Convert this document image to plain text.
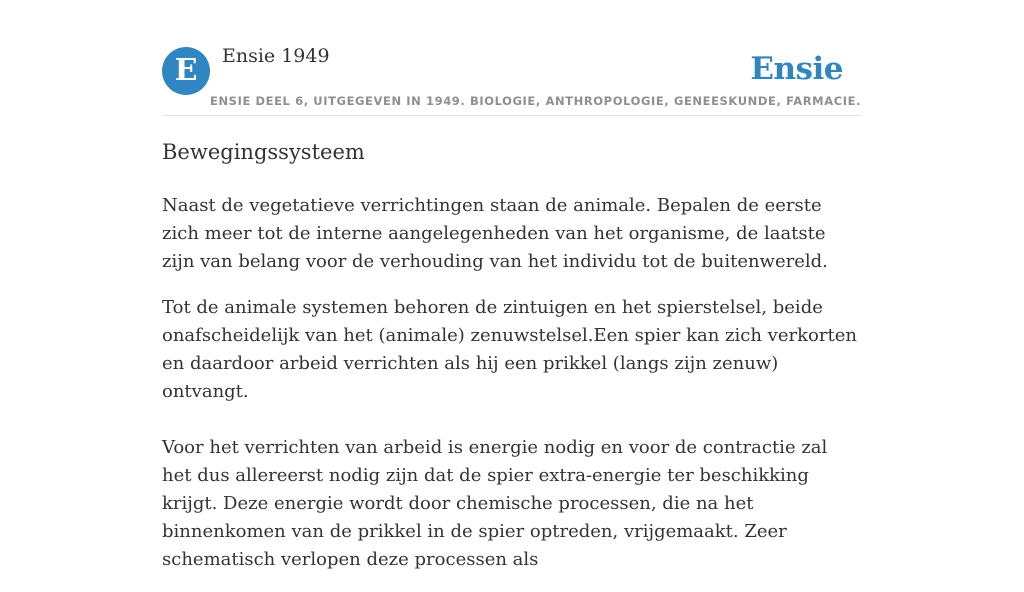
E	Ensie 1949	Ensie
ENSIE DEEL 6, UITGEGEVEN IN 1949. BIOLOGIE, ANTHROPOLOGIE, GENEESKUNDE, FARMACIE.
Bewegingssysteem

Naast de vegetatieve verrichtingen staan de animale. Bepalen de eerste zich meer tot de interne aangelegenheden van het organisme, de laatste zijn van belang voor de verhouding van het individu tot de buitenwereld.

Tot de animale systemen behoren de zintuigen en het spierstelsel, beide onafscheidelijk van het (animale) zenuwstelsel.Een spier kan zich verkorten en daardoor arbeid verrichten als hij een prikkel (langs zijn zenuw) ontvangt.

Voor het verrichten van arbeid is energie nodig en voor de contractie zal het dus allereerst nodig zijn dat de spier extra-energie ter beschikking krijgt. Deze energie wordt door chemische processen, die na het binnenkomen van de prikkel in de spier optreden, vrijgemaakt. Zeer schematisch verlopen deze processen als
